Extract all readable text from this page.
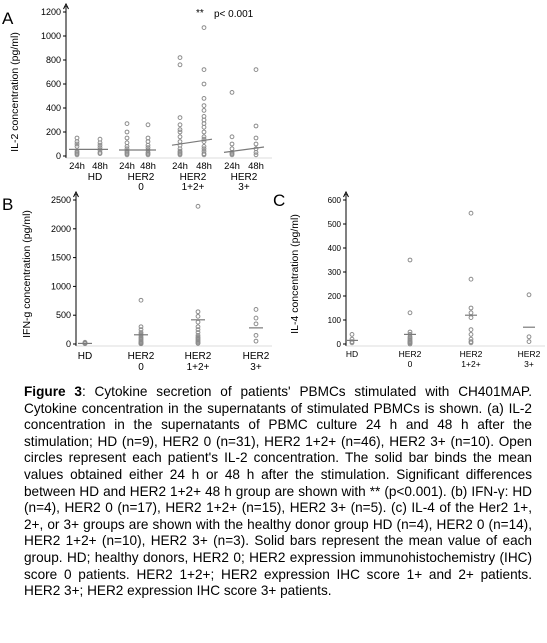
A
IL-2 concentration (pg/ml)
** p< 0.001
0
200
400
600
800
1000
1200
24h 48h 24h 48h 24h 48h 24h 48h
HD	HER2
0
HER2
1+2+
HER2
3+
B
IFN-g concentration (pg/ml)
0
500
1000
1500
2000
2500
HD	HER2
0
HER2
1+2+
HER2
3+
C
IL-4 concentration (pg/ml)
0
100
200
300
400
500
600
HD	HER2
0
HER2
1+2+
HER2
3+
Figure 3: Cytokine secretion of patients' PBMCs stimulated with CH401MAP. Cytokine concentration in the supernatants of stimulated PBMCs is shown. (a) IL-2 concentration in the supernatants of PBMC culture 24 h and 48 h after the stimulation; HD (n=9), HER2 0 (n=31), HER2 1+2+ (n=46), HER2 3+ (n=10). Open circles represent each patient's IL-2 concentration. The solid bar binds the mean values obtained either 24 h or 48 h after the stimulation. Significant differences between HD and HER2 1+2+ 48 h group are shown with ** (p<0.001). (b) IFN-γ: HD (n=4), HER2 0 (n=17), HER2 1+2+ (n=15), HER2 3+ (n=5). (c) IL-4 of the Her2 1+, 2+, or 3+ groups are shown with the healthy donor group HD (n=4), HER2 0 (n=14), HER2 1+2+ (n=10), HER2 3+ (n=3). Solid bars represent the mean value of each group. HD; healthy donors, HER2 0; HER2 expression immunohistochemistry (IHC) score 0 patients. HER2 1+2+; HER2 expression IHC score 1+ and 2+ patients. HER2 3+; HER2 expression IHC score 3+ patients.
